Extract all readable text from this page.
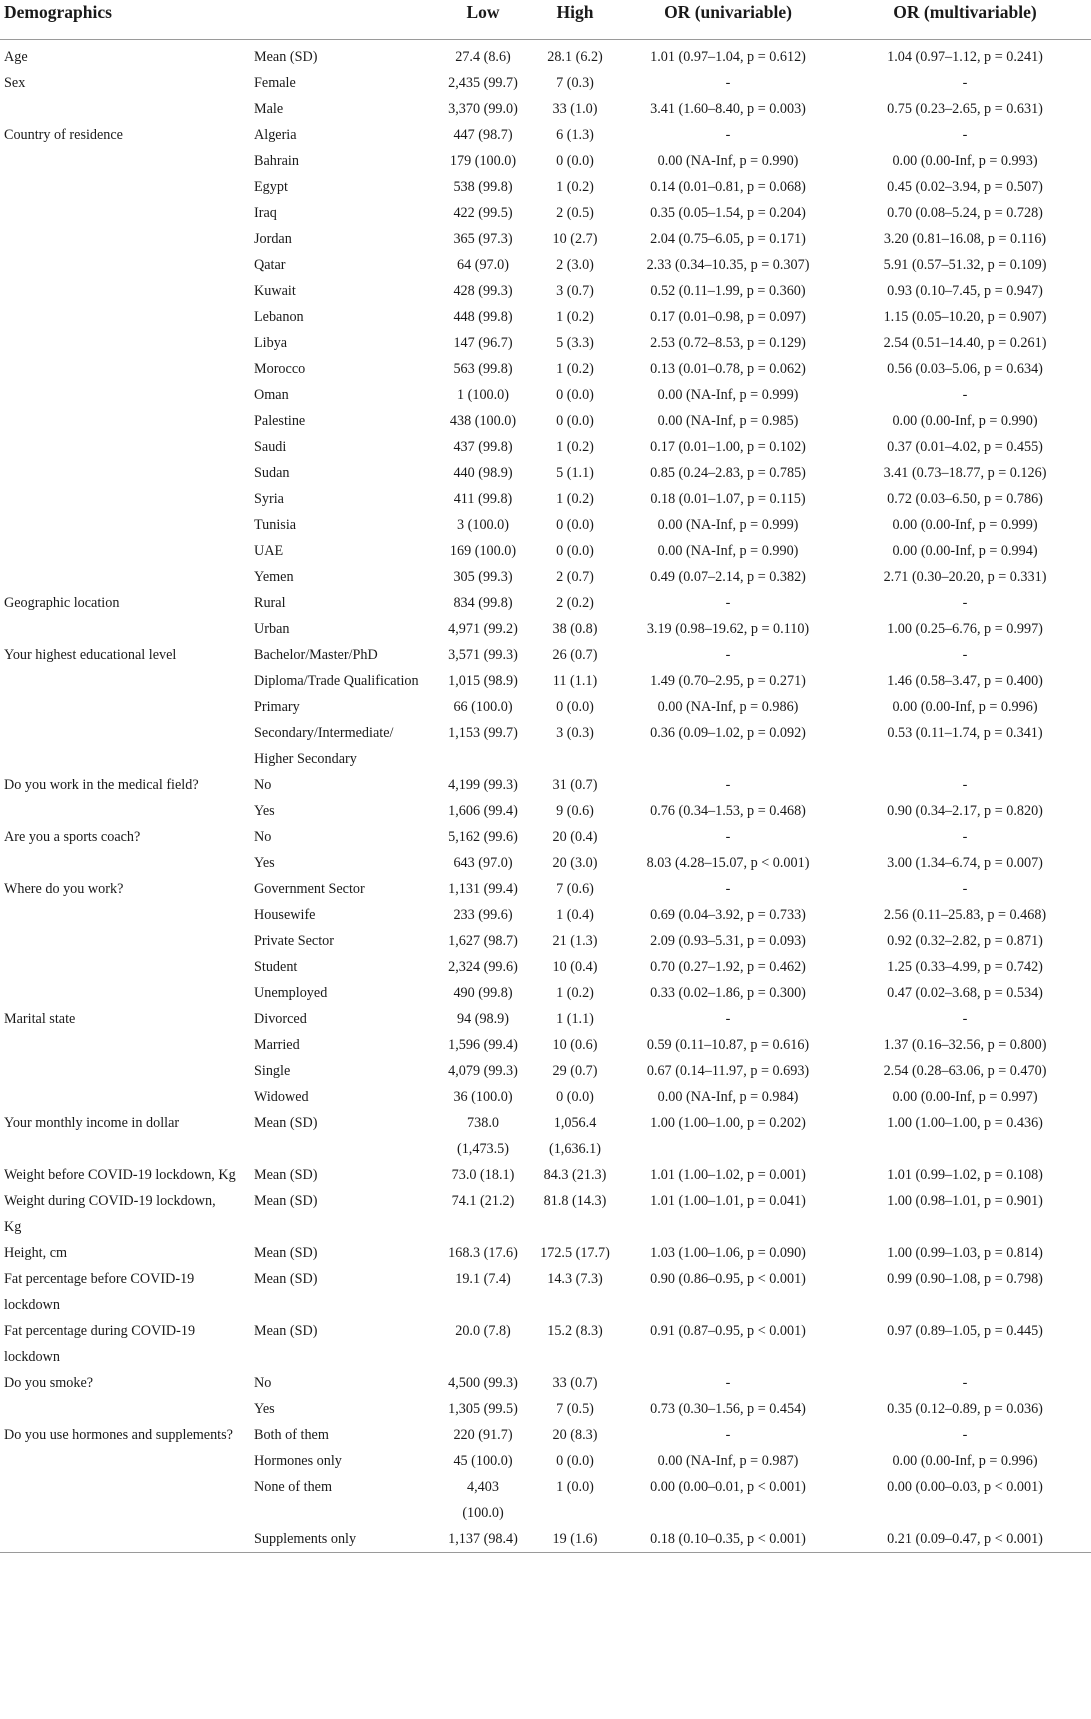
Demographics		Low	High	OR (univariable)	OR (multivariable)
Age	Mean (SD)	27.4 (8.6)	28.1 (6.2)	1.01 (0.97–1.04, p = 0.612)	1.04 (0.97–1.12, p = 0.241)
Sex	Female	2,435 (99.7)	7 (0.3)	-	-
	Male	3,370 (99.0)	33 (1.0)	3.41 (1.60–8.40, p = 0.003)	0.75 (0.23–2.65, p = 0.631)
Country of residence	Algeria	447 (98.7)	6 (1.3)	-	-
	Bahrain	179 (100.0)	0 (0.0)	0.00 (NA-Inf, p = 0.990)	0.00 (0.00-Inf, p = 0.993)
	Egypt	538 (99.8)	1 (0.2)	0.14 (0.01–0.81, p = 0.068)	0.45 (0.02–3.94, p = 0.507)
	Iraq	422 (99.5)	2 (0.5)	0.35 (0.05–1.54, p = 0.204)	0.70 (0.08–5.24, p = 0.728)
	Jordan	365 (97.3)	10 (2.7)	2.04 (0.75–6.05, p = 0.171)	3.20 (0.81–16.08, p = 0.116)
	Qatar	64 (97.0)	2 (3.0)	2.33 (0.34–10.35, p = 0.307)	5.91 (0.57–51.32, p = 0.109)
	Kuwait	428 (99.3)	3 (0.7)	0.52 (0.11–1.99, p = 0.360)	0.93 (0.10–7.45, p = 0.947)
	Lebanon	448 (99.8)	1 (0.2)	0.17 (0.01–0.98, p = 0.097)	1.15 (0.05–10.20, p = 0.907)
	Libya	147 (96.7)	5 (3.3)	2.53 (0.72–8.53, p = 0.129)	2.54 (0.51–14.40, p = 0.261)
	Morocco	563 (99.8)	1 (0.2)	0.13 (0.01–0.78, p = 0.062)	0.56 (0.03–5.06, p = 0.634)
	Oman	1 (100.0)	0 (0.0)	0.00 (NA-Inf, p = 0.999)	-
	Palestine	438 (100.0)	0 (0.0)	0.00 (NA-Inf, p = 0.985)	0.00 (0.00-Inf, p = 0.990)
	Saudi	437 (99.8)	1 (0.2)	0.17 (0.01–1.00, p = 0.102)	0.37 (0.01–4.02, p = 0.455)
	Sudan	440 (98.9)	5 (1.1)	0.85 (0.24–2.83, p = 0.785)	3.41 (0.73–18.77, p = 0.126)
	Syria	411 (99.8)	1 (0.2)	0.18 (0.01–1.07, p = 0.115)	0.72 (0.03–6.50, p = 0.786)
	Tunisia	3 (100.0)	0 (0.0)	0.00 (NA-Inf, p = 0.999)	0.00 (0.00-Inf, p = 0.999)
	UAE	169 (100.0)	0 (0.0)	0.00 (NA-Inf, p = 0.990)	0.00 (0.00-Inf, p = 0.994)
	Yemen	305 (99.3)	2 (0.7)	0.49 (0.07–2.14, p = 0.382)	2.71 (0.30–20.20, p = 0.331)
Geographic location	Rural	834 (99.8)	2 (0.2)	-	-
	Urban	4,971 (99.2)	38 (0.8)	3.19 (0.98–19.62, p = 0.110)	1.00 (0.25–6.76, p = 0.997)
Your highest educational level	Bachelor/Master/PhD	3,571 (99.3)	26 (0.7)	-	-
	Diploma/Trade Qualification	1,015 (98.9)	11 (1.1)	1.49 (0.70–2.95, p = 0.271)	1.46 (0.58–3.47, p = 0.400)
	Primary	66 (100.0)	0 (0.0)	0.00 (NA-Inf, p = 0.986)	0.00 (0.00-Inf, p = 0.996)
	Secondary/Intermediate/	1,153 (99.7)	3 (0.3)	0.36 (0.09–1.02, p = 0.092)	0.53 (0.11–1.74, p = 0.341)
	Higher Secondary				
Do you work in the medical field?	No	4,199 (99.3)	31 (0.7)	-	-
	Yes	1,606 (99.4)	9 (0.6)	0.76 (0.34–1.53, p = 0.468)	0.90 (0.34–2.17, p = 0.820)
Are you a sports coach?	No	5,162 (99.6)	20 (0.4)	-	-
	Yes	643 (97.0)	20 (3.0)	8.03 (4.28–15.07, p < 0.001)	3.00 (1.34–6.74, p = 0.007)
Where do you work?	Government Sector	1,131 (99.4)	7 (0.6)	-	-
	Housewife	233 (99.6)	1 (0.4)	0.69 (0.04–3.92, p = 0.733)	2.56 (0.11–25.83, p = 0.468)
	Private Sector	1,627 (98.7)	21 (1.3)	2.09 (0.93–5.31, p = 0.093)	0.92 (0.32–2.82, p = 0.871)
	Student	2,324 (99.6)	10 (0.4)	0.70 (0.27–1.92, p = 0.462)	1.25 (0.33–4.99, p = 0.742)
	Unemployed	490 (99.8)	1 (0.2)	0.33 (0.02–1.86, p = 0.300)	0.47 (0.02–3.68, p = 0.534)
Marital state	Divorced	94 (98.9)	1 (1.1)	-	-
	Married	1,596 (99.4)	10 (0.6)	0.59 (0.11–10.87, p = 0.616)	1.37 (0.16–32.56, p = 0.800)
	Single	4,079 (99.3)	29 (0.7)	0.67 (0.14–11.97, p = 0.693)	2.54 (0.28–63.06, p = 0.470)
	Widowed	36 (100.0)	0 (0.0)	0.00 (NA-Inf, p = 0.984)	0.00 (0.00-Inf, p = 0.997)
Your monthly income in dollar	Mean (SD)	738.0	1,056.4	1.00 (1.00–1.00, p = 0.202)	1.00 (1.00–1.00, p = 0.436)
		(1,473.5)	(1,636.1)		
Weight before COVID-19 lockdown, Kg	Mean (SD)	73.0 (18.1)	84.3 (21.3)	1.01 (1.00–1.02, p = 0.001)	1.01 (0.99–1.02, p = 0.108)
Weight during COVID-19 lockdown,	Mean (SD)	74.1 (21.2)	81.8 (14.3)	1.01 (1.00–1.01, p = 0.041)	1.00 (0.98–1.01, p = 0.901)
Kg					
Height, cm	Mean (SD)	168.3 (17.6)	172.5 (17.7)	1.03 (1.00–1.06, p = 0.090)	1.00 (0.99–1.03, p = 0.814)
Fat percentage before COVID-19	Mean (SD)	19.1 (7.4)	14.3 (7.3)	0.90 (0.86–0.95, p < 0.001)	0.99 (0.90–1.08, p = 0.798)
lockdown					
Fat percentage during COVID-19	Mean (SD)	20.0 (7.8)	15.2 (8.3)	0.91 (0.87–0.95, p < 0.001)	0.97 (0.89–1.05, p = 0.445)
lockdown					
Do you smoke?	No	4,500 (99.3)	33 (0.7)	-	-
	Yes	1,305 (99.5)	7 (0.5)	0.73 (0.30–1.56, p = 0.454)	0.35 (0.12–0.89, p = 0.036)
Do you use hormones and supplements?	Both of them	220 (91.7)	20 (8.3)	-	-
	Hormones only	45 (100.0)	0 (0.0)	0.00 (NA-Inf, p = 0.987)	0.00 (0.00-Inf, p = 0.996)
	None of them	4,403	1 (0.0)	0.00 (0.00–0.01, p < 0.001)	0.00 (0.00–0.03, p < 0.001)
		(100.0)			
	Supplements only	1,137 (98.4)	19 (1.6)	0.18 (0.10–0.35, p < 0.001)	0.21 (0.09–0.47, p < 0.001)
